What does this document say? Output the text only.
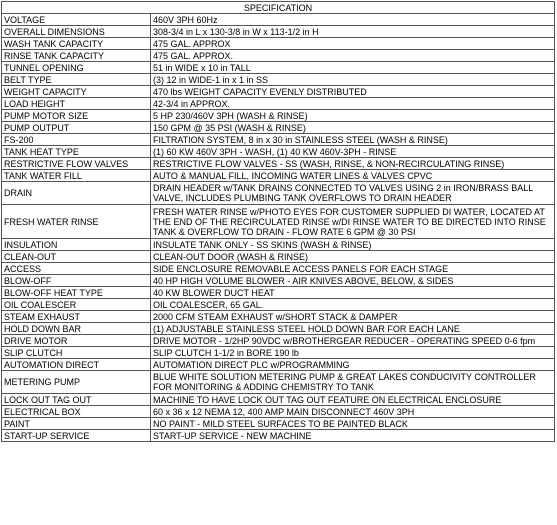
SPECIFICATION	
VOLTAGE	460V 3PH 60Hz
OVERALL DIMENSIONS	308-3/4 in L x 130-3/8 in W x 113-1/2 in H
WASH TANK CAPACITY	475 GAL. APPROX
RINSE TANK CAPACITY	475 GAL. APPROX.
TUNNEL OPENING	51 in WIDE x 10 in TALL
BELT TYPE	(3) 12 in WIDE-1 in x 1 in SS
WEIGHT CAPACITY	470 lbs WEIGHT CAPACITY EVENLY DISTRIBUTED
LOAD HEIGHT	42-3/4 in APPROX.
PUMP MOTOR SIZE	5 HP 230/460V 3PH (WASH & RINSE)
PUMP OUTPUT	150 GPM @ 35 PSI (WASH & RINSE)
FS-200	FILTRATION SYSTEM, 8 in x 30 in STAINLESS STEEL (WASH & RINSE)
TANK HEAT TYPE	(1) 60 KW 460V 3PH - WASH, (1) 40 KW 460V-3PH - RINSE
RESTRICTIVE FLOW VALVES	RESTRICTIVE FLOW VALVES - SS (WASH, RINSE, & NON-RECIRCULATING RINSE)
TANK WATER FILL	AUTO & MANUAL FILL, INCOMING WATER LINES & VALVES CPVC
DRAIN	DRAIN HEADER w/TANK DRAINS CONNECTED TO VALVES USING 2 in IRON/BRASS BALL VALVE, INCLUDES PLUMBING TANK OVERFLOWS TO DRAIN HEADER
FRESH WATER RINSE	FRESH WATER RINSE w/PHOTO EYES FOR CUSTOMER SUPPLIED DI WATER, LOCATED AT THE END OF THE RECIRCULATED RINSE w/DI RINSE WATER TO BE DIRECTED INTO RINSE TANK & OVERFLOW TO DRAIN - FLOW RATE 6 GPM @ 30 PSI
INSULATION	INSULATE TANK ONLY - SS SKINS (WASH & RINSE)
CLEAN-OUT	CLEAN-OUT DOOR (WASH & RINSE)
ACCESS	SIDE ENCLOSURE REMOVABLE ACCESS PANELS FOR EACH STAGE
BLOW-OFF	40 HP HIGH VOLUME BLOWER - AIR KNIVES ABOVE, BELOW, & SIDES
BLOW-OFF HEAT TYPE	40 KW BLOWER DUCT HEAT
OIL COALESCER	OIL COALESCER, 65 GAL.
STEAM EXHAUST	2000 CFM STEAM EXHAUST w/SHORT STACK & DAMPER
HOLD DOWN BAR	(1) ADJUSTABLE STAINLESS STEEL HOLD DOWN BAR FOR EACH LANE
DRIVE MOTOR	DRIVE MOTOR - 1/2HP 90VDC w/BROTHERGEAR REDUCER - OPERATING SPEED 0-6 fpm
SLIP CLUTCH	SLIP CLUTCH 1-1/2 in BORE 190 lb
AUTOMATION DIRECT	AUTOMATION DIRECT PLC w/PROGRAMMING
METERING PUMP	BLUE WHITE SOLUTION METERING PUMP & GREAT LAKES CONDUCIVITY CONTROLLER FOR MONITORING & ADDING CHEMISTRY TO TANK
LOCK OUT TAG OUT	MACHINE TO HAVE LOCK OUT TAG OUT FEATURE ON ELECTRICAL ENCLOSURE
ELECTRICAL BOX	60 x 36 x 12 NEMA 12, 400 AMP MAIN DISCONNECT 460V 3PH
PAINT	NO PAINT - MILD STEEL SURFACES TO BE PAINTED BLACK
START-UP SERVICE	START-UP SERVICE - NEW MACHINE
